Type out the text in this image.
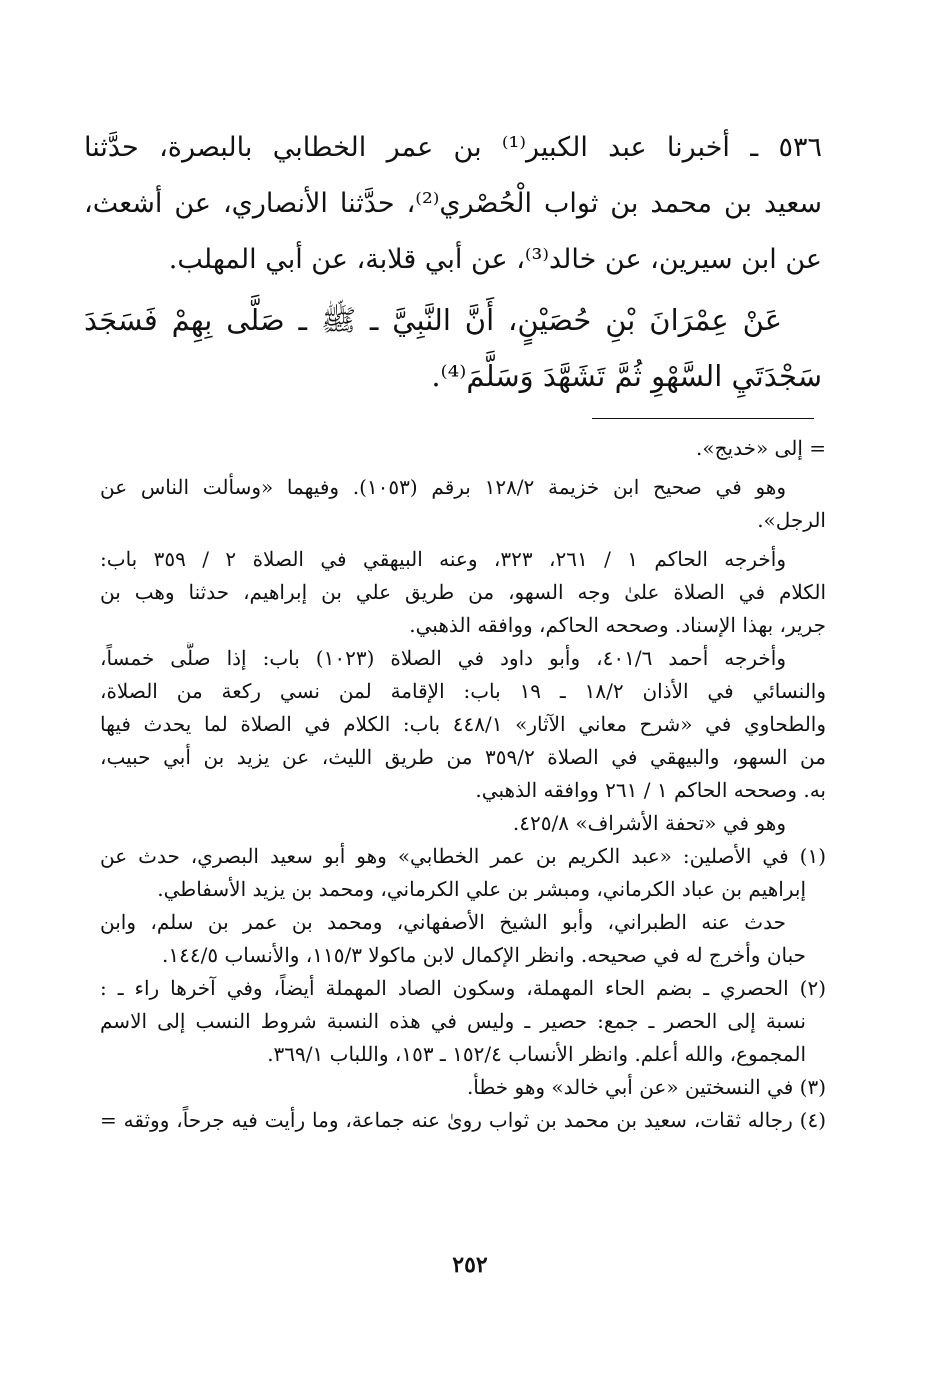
٥٣٦ ـ أخبرنا عبد الكبير⁽¹⁾ بن عمر الخطابي بالبصرة، حدَّثنا
سعيد بن محمد بن ثواب الْحُصْري⁽²⁾، حدَّثنا الأنصاري، عن أشعث،
عن ابن سيرين، عن خالد⁽³⁾، عن أبي قلابة، عن أبي المهلب.
عَنْ عِمْرَانَ بْنِ حُصَيْنٍ، أَنَّ النَّبِيَّ ـ ﷺ ـ صَلَّى بِهِمْ فَسَجَدَ
سَجْدَتَيِ السَّهْوِ ثُمَّ تَشَهَّدَ وَسَلَّمَ⁽⁴⁾.
= إلى «خديج».
وهو في صحيح ابن خزيمة ١٢٨/٢ برقم (١٠٥٣). وفيهما «وسألت الناس عن
الرجل».
وأخرجه الحاكم ١ / ٢٦١، ٣٢٣، وعنه البيهقي في الصلاة ٢ / ٣٥٩ باب:
الكلام في الصلاة علىٰ وجه السهو، من طريق علي بن إبراهيم، حدثنا وهب بن
جرير، بهذا الإسناد. وصححه الحاكم، ووافقه الذهبي.
وأخرجه أحمد ٤٠١/٦، وأبو داود في الصلاة (١٠٢٣) باب: إذا صلَّى خمساً،
والنسائي في الأذان ١٨/٢ ـ ١٩ باب: الإقامة لمن نسي ركعة من الصلاة،
والطحاوي في «شرح معاني الآثار» ٤٤٨/١ باب: الكلام في الصلاة لما يحدث فيها
من السهو، والبيهقي في الصلاة ٣٥٩/٢ من طريق الليث، عن يزيد بن أبي حبيب،
به. وصححه الحاكم ١ / ٢٦١ ووافقه الذهبي.
وهو في «تحفة الأشراف» ٤٢٥/٨.
(١) في الأصلين: «عبد الكريم بن عمر الخطابي» وهو أبو سعيد البصري، حدث عن
إبراهيم بن عباد الكرماني، ومبشر بن علي الكرماني، ومحمد بن يزيد الأسفاطي.
حدث عنه الطبراني، وأبو الشيخ الأصفهاني، ومحمد بن عمر بن سلم، وابن
حبان وأخرج له في صحيحه. وانظر الإكمال لابن ماكولا ١١٥/٣، والأنساب ١٤٤/٥.
(٢) الحصري ـ بضم الحاء المهملة، وسكون الصاد المهملة أيضاً، وفي آخرها راء ـ :
نسبة إلى الحصر ـ جمع: حصير ـ وليس في هذه النسبة شروط النسب إلى الاسم
المجموع، والله أعلم. وانظر الأنساب ١٥٢/٤ ـ ١٥٣، واللباب ٣٦٩/١.
(٣) في النسختين «عن أبي خالد» وهو خطأ.
(٤) رجاله ثقات، سعيد بن محمد بن ثواب روىٰ عنه جماعة، وما رأيت فيه جرحاً، ووثقه =
٢٥٢
